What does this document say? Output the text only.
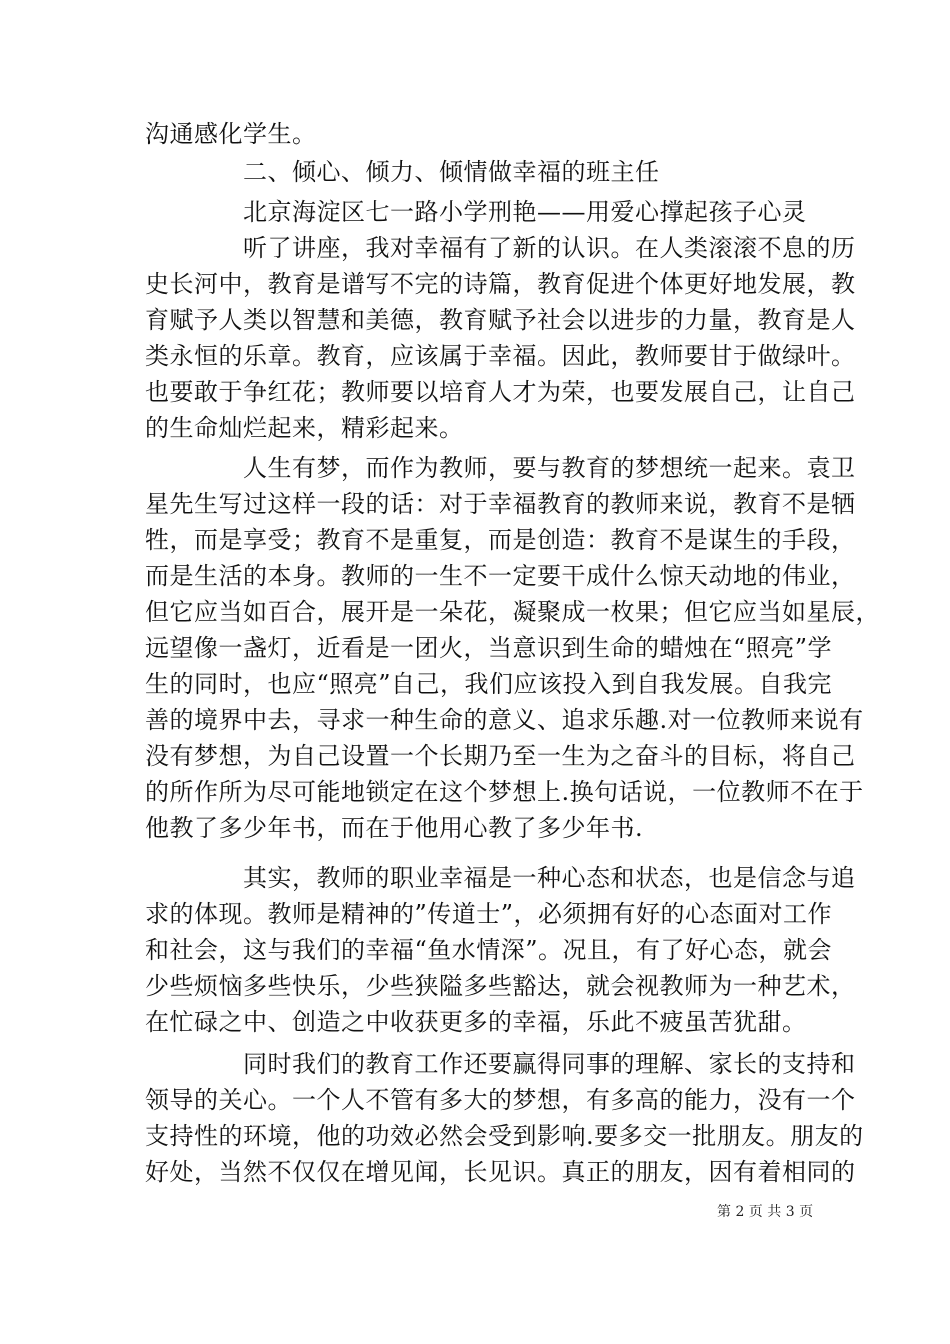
沟通感化学生。
二、倾心、倾力、倾情做幸福的班主任
北京海淀区七一路小学刑艳——用爱心撑起孩子心灵
听了讲座，我对幸福有了新的认识。在人类滚滚不息的历
史长河中，教育是谱写不完的诗篇，教育促进个体更好地发展，教
育赋予人类以智慧和美德，教育赋予社会以进步的力量，教育是人
类永恒的乐章。教育，应该属于幸福。因此，教师要甘于做绿叶。
也要敢于争红花；教师要以培育人才为荣，也要发展自己，让自己
的生命灿烂起来，精彩起来。
人生有梦，而作为教师，要与教育的梦想统一起来。袁卫
星先生写过这样一段的话：对于幸福教育的教师来说，教育不是牺
牲，而是享受；教育不是重复，而是创造：教育不是谋生的手段，
而是生活的本身。教师的一生不一定要干成什么惊天动地的伟业，
但它应当如百合，展开是一朵花，凝聚成一枚果；但它应当如星辰，
远望像一盏灯，近看是一团火，当意识到生命的蜡烛在“照亮”学
生的同时，也应“照亮”自己，我们应该投入到自我发展。自我完
善的境界中去，寻求一种生命的意义、追求乐趣.对一位教师来说有
没有梦想，为自己设置一个长期乃至一生为之奋斗的目标，将自己
的所作所为尽可能地锁定在这个梦想上.换句话说，一位教师不在于
他教了多少年书，而在于他用心教了多少年书.
其实，教师的职业幸福是一种心态和状态，也是信念与追
求的体现。教师是精神的”传道士”，必须拥有好的心态面对工作
和社会，这与我们的幸福“鱼水情深”。况且，有了好心态，就会
少些烦恼多些快乐，少些狭隘多些豁达，就会视教师为一种艺术，
在忙碌之中、创造之中收获更多的幸福，乐此不疲虽苦犹甜。
同时我们的教育工作还要赢得同事的理解、家长的支持和
领导的关心。一个人不管有多大的梦想，有多高的能力，没有一个
支持性的环境，他的功效必然会受到影响.要多交一批朋友。朋友的
好处，当然不仅仅在增见闻，长见识。真正的朋友，因有着相同的
第 2 页 共 3 页
